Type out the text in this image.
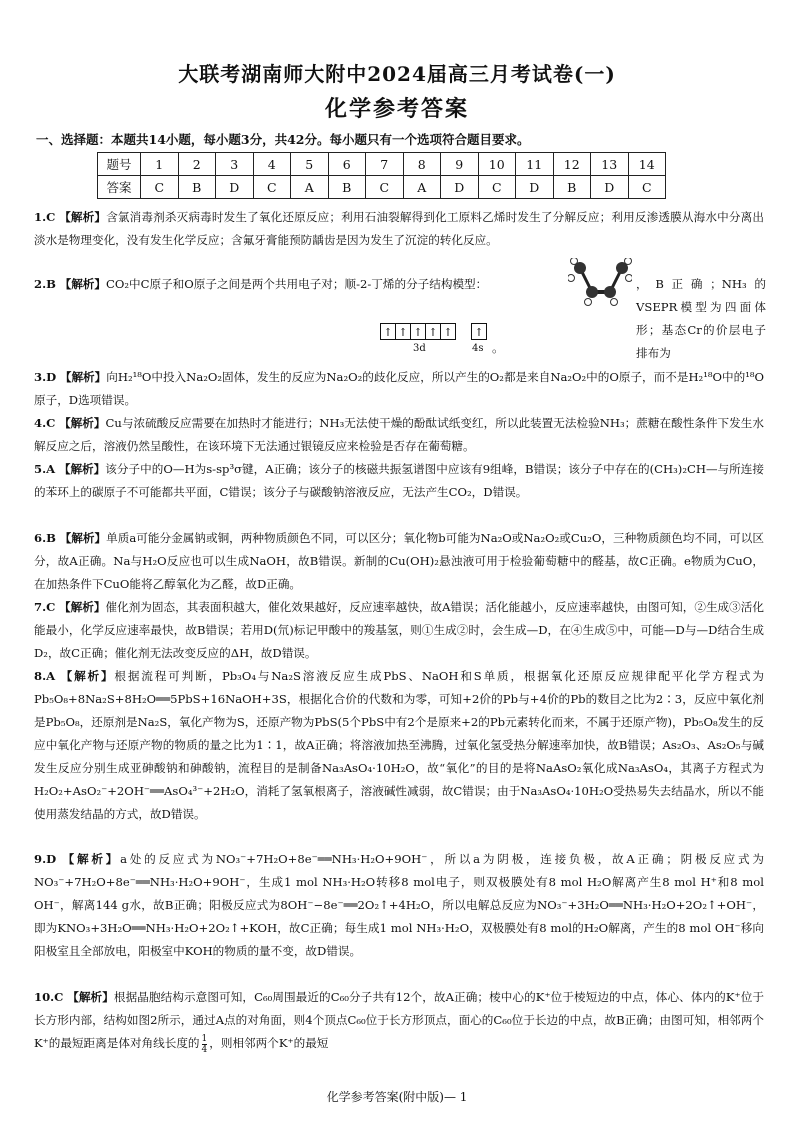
大联考湖南师大附中2024届高三月考试卷(一)
化学参考答案
一、选择题：本题共14小题，每小题3分，共42分。每小题只有一个选项符合题目要求。
题号	1	2	3	4	5	6	7	8	9	10	11	12	13	14
答案	C	B	D	C	A	B	C	A	D	C	D	B	D	C
1.C 【解析】含氯消毒剂杀灭病毒时发生了氧化还原反应；利用石油裂解得到化工原料乙烯时发生了分解反应；利用反渗透膜从海水中分离出淡水是物理变化，没有发生化学反应；含氟牙膏能预防龋齿是因为发生了沉淀的转化反应。
2.B 【解析】CO₂中C原子和O原子之间是两个共用电子对；顺-2-丁烯的分子结构模型：	，B正确；NH₃的VSEPR模型为四面体形；基态Cr的价层电子排布为
↑ ↑ ↑ ↑ ↑ ↑
3d	4s 。
3.D 【解析】向H₂¹⁸O中投入Na₂O₂固体，发生的反应为Na₂O₂的歧化反应，所以产生的O₂都是来自Na₂O₂中的O原子，而不是H₂¹⁸O中的¹⁸O原子，D选项错误。
4.C 【解析】Cu与浓硫酸反应需要在加热时才能进行；NH₃无法使干燥的酚酞试纸变红，所以此装置无法检验NH₃；蔗糖在酸性条件下发生水解反应之后，溶液仍然呈酸性，在该环境下无法通过银镜反应来检验是否存在葡萄糖。
5.A 【解析】该分子中的O—H为s-sp³σ键，A正确；该分子的核磁共振氢谱图中应该有9组峰，B错误；该分子中存在的(CH₃)₂CH—与所连接的苯环上的碳原子不可能都共平面，C错误；该分子与碳酸钠溶液反应，无法产生CO₂，D错误。
6.B 【解析】单质a可能分金属钠或铜，两种物质颜色不同，可以区分；氧化物b可能为Na₂O或Na₂O₂或Cu₂O，三种物质颜色均不同，可以区分，故A正确。Na与H₂O反应也可以生成NaOH，故B错误。新制的Cu(OH)₂悬浊液可用于检验葡萄糖中的醛基，故C正确。e物质为CuO，在加热条件下CuO能将乙醇氧化为乙醛，故D正确。
7.C 【解析】催化剂为固态，其表面积越大，催化效果越好，反应速率越快，故A错误；活化能越小，反应速率越快，由图可知，②生成③活化能最小，化学反应速率最快，故B错误；若用D(氘)标记甲酸中的羧基氢，则①生成②时，会生成—D，在④生成⑤中，可能—D与—D结合生成D₂，故C正确；催化剂无法改变反应的ΔH，故D错误。
8.A 【解析】根据流程可判断，Pb₃O₄与Na₂S溶液反应生成PbS、NaOH和S单质，根据氧化还原反应规律配平化学方程式为Pb₅O₈+8Na₂S+8H₂O══5PbS+16NaOH+3S，根据化合价的代数和为零，可知+2价的Pb与+4价的Pb的数目之比为2∶3，反应中氧化剂是Pb₅O₈，还原剂是Na₂S，氧化产物为S，还原产物为PbS(5个PbS中有2个是原来+2的Pb元素转化而来，不属于还原产物)，Pb₅O₈发生的反应中氧化产物与还原产物的物质的量之比为1∶1，故A正确；将溶液加热至沸腾，过氧化氢受热分解速率加快，故B错误；As₂O₃、As₂O₅与碱发生反应分别生成亚砷酸钠和砷酸钠，流程目的是制备Na₃AsO₄·10H₂O，故“氧化”的目的是将NaAsO₂氧化成Na₃AsO₄，其离子方程式为H₂O₂+AsO₂⁻+2OH⁻══AsO₄³⁻+2H₂O，消耗了氢氧根离子，溶液碱性减弱，故C错误；由于Na₃AsO₄·10H₂O受热易失去结晶水，所以不能使用蒸发结晶的方式，故D错误。
9.D 【解析】a处的反应式为NO₃⁻+7H₂O+8e⁻══NH₃·H₂O+9OH⁻，所以a为阴极，连接负极，故A正确；阴极反应式为NO₃⁻+7H₂O+8e⁻══NH₃·H₂O+9OH⁻，生成1 mol NH₃·H₂O转移8 mol电子，则双极膜处有8 mol H₂O解离产生8 mol H⁺和8 mol OH⁻，解离144 g水，故B正确；阳极反应式为8OH⁻−8e⁻══2O₂↑+4H₂O，所以电解总反应为NO₃⁻+3H₂O══NH₃·H₂O+2O₂↑+OH⁻，即为KNO₃+3H₂O══NH₃·H₂O+2O₂↑+KOH，故C正确；每生成1 mol NH₃·H₂O，双极膜处有8 mol的H₂O解离，产生的8 mol OH⁻移向阳极室且全部放电，阳极室中KOH的物质的量不变，故D错误。
10.C 【解析】根据晶胞结构示意图可知，C₆₀周围最近的C₆₀分子共有12个，故A正确；棱中心的K⁺位于棱短边的中点，体心、体内的K⁺位于长方形内部，结构如图2所示，通过A点的对角面，则4个顶点C₆₀位于长方形顶点，面心的C₆₀位于长边的中点，故B正确；由图可知，相邻两个K⁺的最短距离是体对角线长度的 $\frac{1}{4}$ ，则相邻两个K⁺的最短
化学参考答案(附中版)— 1
